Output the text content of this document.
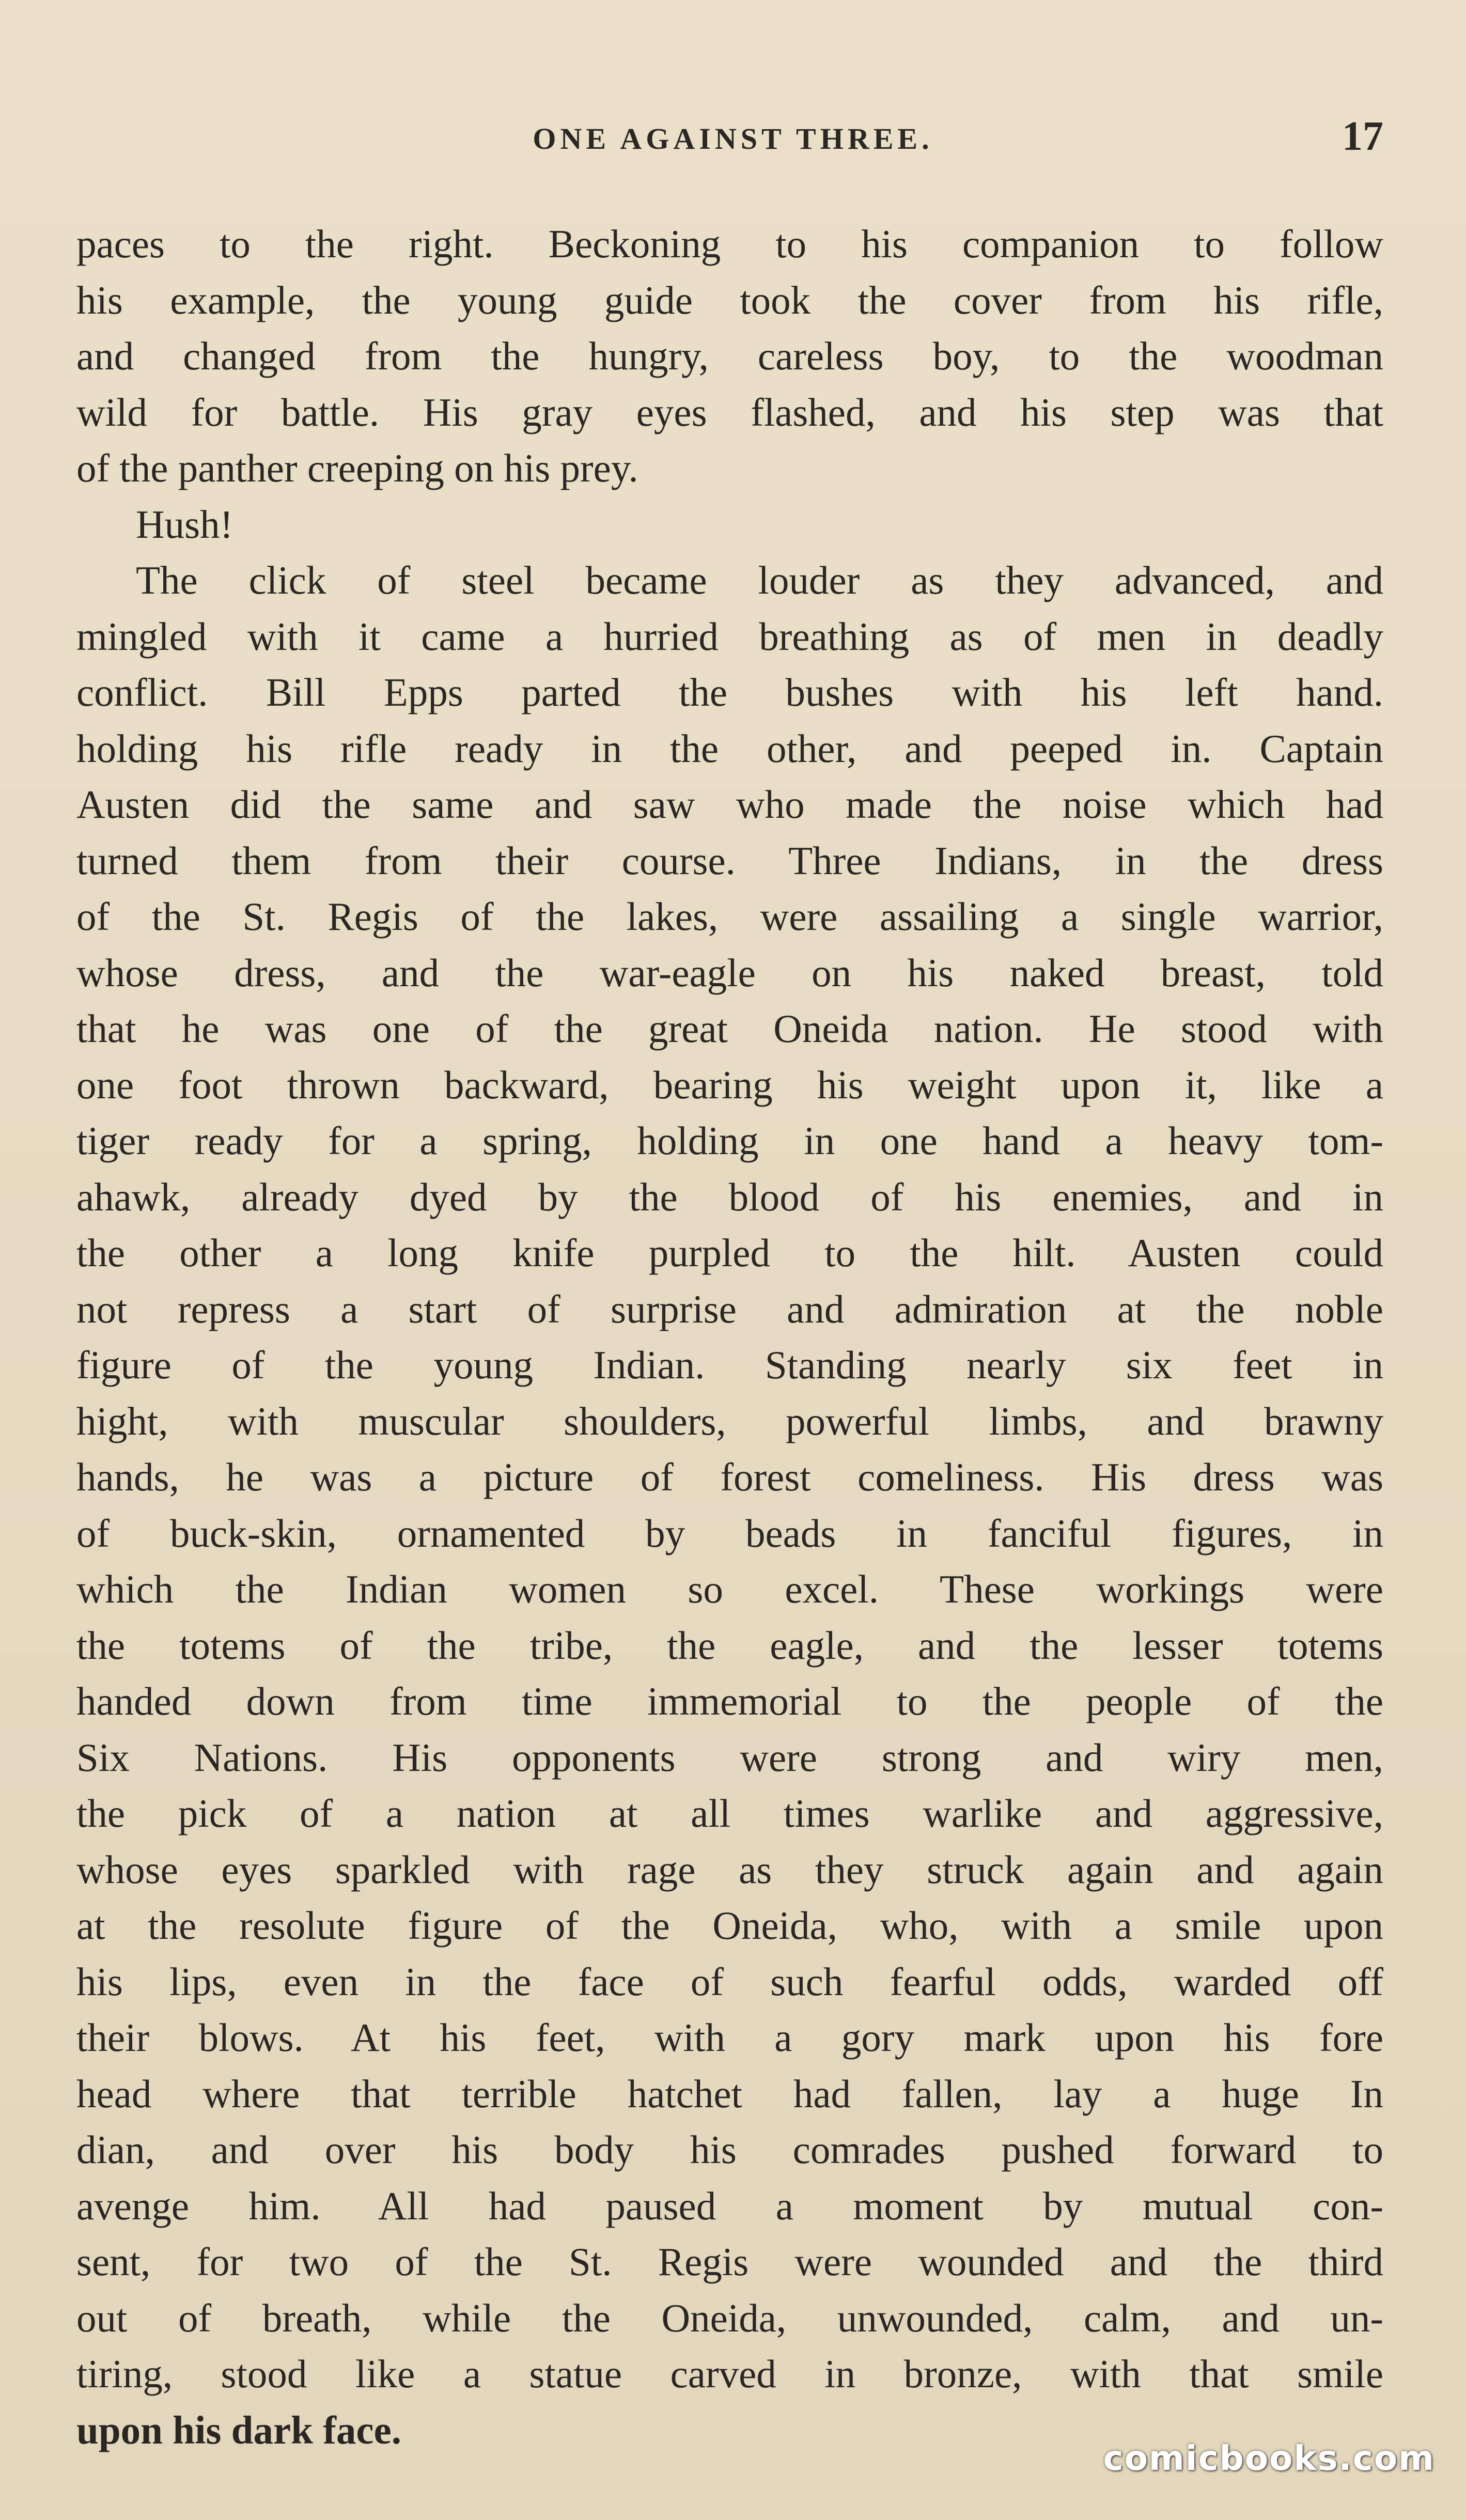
ONE AGAINST THREE.	17
paces to the right. Beckoning to his companion to follow
his example, the young guide took the cover from his rifle,
and changed from the hungry, careless boy, to the woodman
wild for battle. His gray eyes flashed, and his step was that
of the panther creeping on his prey.
Hush!
The click of steel became louder as they advanced, and
mingled with it came a hurried breathing as of men in deadly
conflict. Bill Epps parted the bushes with his left hand.
holding his rifle ready in the other, and peeped in. Captain
Austen did the same and saw who made the noise which had
turned them from their course. Three Indians, in the dress
of the St. Regis of the lakes, were assailing a single warrior,
whose dress, and the war-eagle on his naked breast, told
that he was one of the great Oneida nation. He stood with
one foot thrown backward, bearing his weight upon it, like a
tiger ready for a spring, holding in one hand a heavy tom-
ahawk, already dyed by the blood of his enemies, and in
the other a long knife purpled to the hilt. Austen could
not repress a start of surprise and admiration at the noble
figure of the young Indian. Standing nearly six feet in
hight, with muscular shoulders, powerful limbs, and brawny
hands, he was a picture of forest comeliness. His dress was
of buck-skin, ornamented by beads in fanciful figures, in
which the Indian women so excel. These workings were
the totems of the tribe, the eagle, and the lesser totems
handed down from time immemorial to the people of the
Six Nations. His opponents were strong and wiry men,
the pick of a nation at all times warlike and aggressive,
whose eyes sparkled with rage as they struck again and again
at the resolute figure of the Oneida, who, with a smile upon
his lips, even in the face of such fearful odds, warded off
their blows. At his feet, with a gory mark upon his fore
head where that terrible hatchet had fallen, lay a huge In
dian, and over his body his comrades pushed forward to
avenge him. All had paused a moment by mutual con-
sent, for two of the St. Regis were wounded and the third
out of breath, while the Oneida, unwounded, calm, and un-
tiring, stood like a statue carved in bronze, with that smile
upon his dark face.
comicbooks.com
